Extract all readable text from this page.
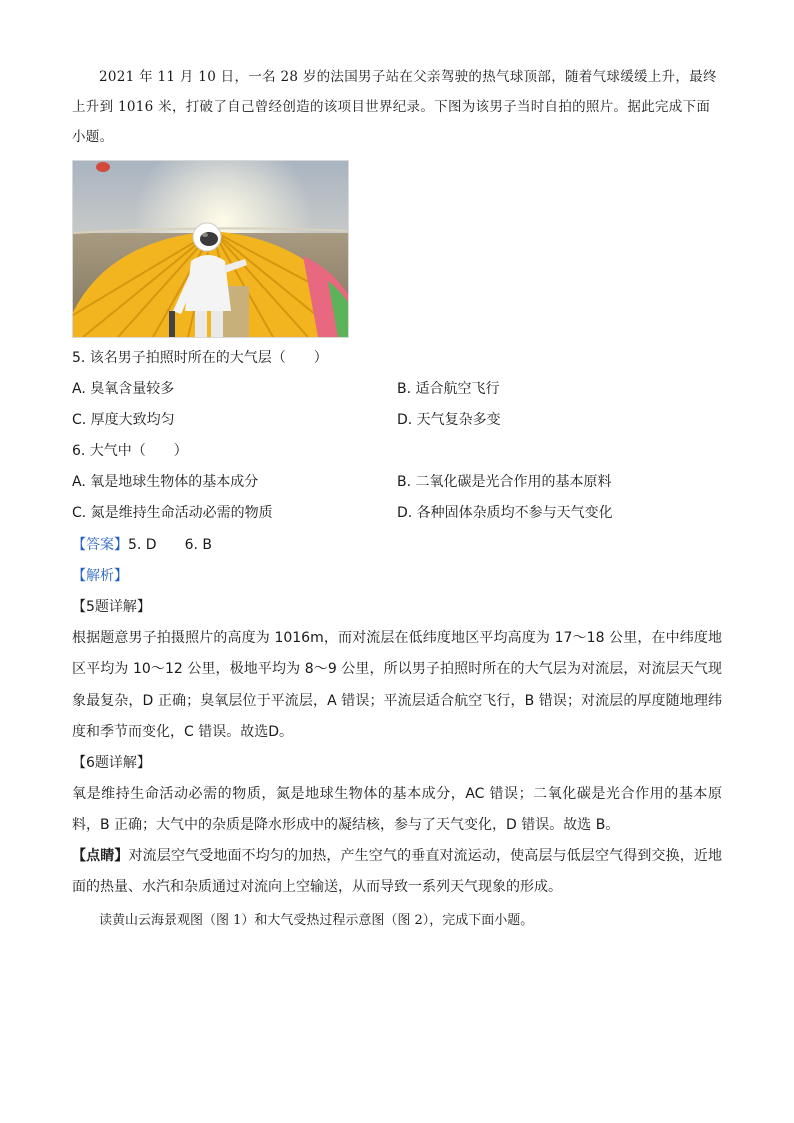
2021 年 11 月 10 日，一名 28 岁的法国男子站在父亲驾驶的热气球顶部，随着气球缓缓上升，最终上升到 1016 米，打破了自己曾经创造的该项目世界纪录。下图为该男子当时自拍的照片。据此完成下面小题。
5. 该名男子拍照时所在的大气层（　　）
A. 臭氧含量较多	B. 适合航空飞行
C. 厚度大致均匀	D. 天气复杂多变
6. 大气中（　　）
A. 氧是地球生物体的基本成分	B. 二氧化碳是光合作用的基本原料
C. 氮是维持生命活动必需的物质	D. 各种固体杂质均不参与天气变化
【答案】5. D　　6. B
【解析】
【5题详解】
根据题意男子拍摄照片的高度为 1016m，而对流层在低纬度地区平均高度为 17～18 公里，在中纬度地区平均为 10～12 公里，极地平均为 8～9 公里，所以男子拍照时所在的大气层为对流层，对流层天气现象最复杂，D 正确；臭氧层位于平流层，A 错误；平流层适合航空飞行，B 错误；对流层的厚度随地理纬度和季节而变化，C 错误。故选D。
【6题详解】
氧是维持生命活动必需的物质，氮是地球生物体的基本成分，AC 错误；二氧化碳是光合作用的基本原料，B 正确；大气中的杂质是降水形成中的凝结核，参与了天气变化，D 错误。故选 B。
【点睛】对流层空气受地面不均匀的加热，产生空气的垂直对流运动，使高层与低层空气得到交换，近地面的热量、水汽和杂质通过对流向上空输送，从而导致一系列天气现象的形成。
读黄山云海景观图（图 1）和大气受热过程示意图（图 2），完成下面小题。
